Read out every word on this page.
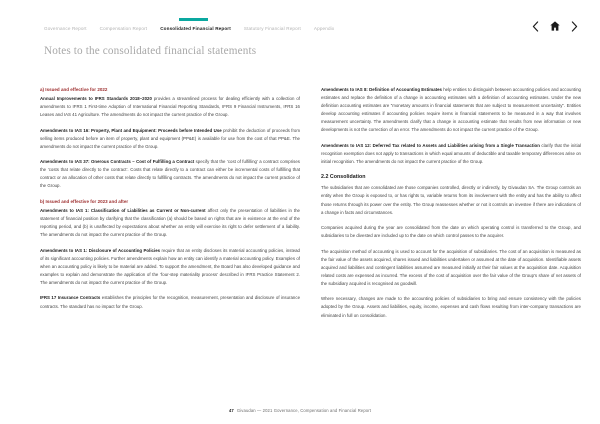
Governance Report	Compensation Report	Consolidated Financial Report	Statutory Financial Report	Appendix
Notes to the consolidated financial statements
a) Issued and effective for 2022

Annual Improvements to IFRS Standards 2018–2020 provides a streamlined process for dealing efficiently with a collection of amendments to IFRS 1 First-time Adoption of International Financial Reporting Standards, IFRS 9 Financial Instruments, IFRS 16 Leases and IAS 41 Agriculture. The amendments do not impact the current practice of the Group.

Amendments to IAS 16: Property, Plant and Equipment: Proceeds before Intended Use prohibit the deduction of proceeds from selling items produced before an item of property, plant and equipment (PP&E) is available for use from the cost of that PP&E. The amendments do not impact the current practice of the Group.

Amendments to IAS 37: Onerous Contracts – Cost of Fulfilling a Contract specify that the ‘cost of fulfilling’ a contract comprises the ‘costs that relate directly to the contract’. Costs that relate directly to a contract can either be incremental costs of fulfilling that contract or an allocation of other costs that relate directly to fulfilling contracts. The amendments do not impact the current practice of the Group.

b) Issued and effective for 2023 and after

Amendments to IAS 1: Classification of Liabilities as Current or Non-current affect only the presentation of liabilities in the statement of financial position by clarifying that the classification (a) should be based on rights that are in existence at the end of the reporting period, and (b) is unaffected by expectations about whether an entity will exercise its right to defer settlement of a liability. The amendments do not impact the current practice of the Group.

Amendments to IAS 1: Disclosure of Accounting Policies require that an entity discloses its material accounting policies, instead of its significant accounting policies. Further amendments explain how an entity can identify a material accounting policy. Examples of when an accounting policy is likely to be material are added. To support the amendment, the Board has also developed guidance and examples to explain and demonstrate the application of the ‘four-step materiality process’ described in IFRS Practice Statement 2. The amendments do not impact the current practice of the Group.

IFRS 17 Insurance Contracts establishes the principles for the recognition, measurement, presentation and disclosure of insurance contracts. The standard has no impact for the Group.

Amendments to IAS 8: Definition of Accounting Estimates help entities to distinguish between accounting policies and accounting estimates and replace the definition of a change in accounting estimates with a definition of accounting estimates. Under the new definition accounting estimates are “monetary amounts in financial statements that are subject to measurement uncertainty”. Entities develop accounting estimates if accounting policies require items in financial statements to be measured in a way that involves measurement uncertainty. The amendments clarify that a change in accounting estimate that results from new information or new developments is not the correction of an error. The amendments do not impact the current practice of the Group.

Amendments to IAS 12: Deferred Tax related to Assets and Liabilities arising from a Single Transaction clarify that the initial recognition exemption does not apply to transactions in which equal amounts of deductible and taxable temporary differences arise on initial recognition. The amendments do not impact the current practice of the Group.

2.2 Consolidation

The subsidiaries that are consolidated are those companies controlled, directly or indirectly, by Givaudan SA. The Group controls an entity when the Group is exposed to, or has rights to, variable returns from its involvement with the entity and has the ability to affect those returns through its power over the entity. The Group reassesses whether or not it controls an investee if there are indications of a change in facts and circumstances.

Companies acquired during the year are consolidated from the date on which operating control is transferred to the Group, and subsidiaries to be divested are included up to the date on which control passes to the acquirer.

The acquisition method of accounting is used to account for the acquisition of subsidiaries. The cost of an acquisition is measured as the fair value of the assets acquired, shares issued and liabilities undertaken or assumed at the date of acquisition. Identifiable assets acquired and liabilities and contingent liabilities assumed are measured initially at their fair values at the acquisition date. Acquisition related costs are expensed as incurred. The excess of the cost of acquisition over the fair value of the Group’s share of net assets of the subsidiary acquired is recognised as goodwill.

Where necessary, changes are made to the accounting policies of subsidiaries to bring and ensure consistency with the policies adopted by the Group. Assets and liabilities, equity, income, expenses and cash flows resulting from inter-company transactions are eliminated in full on consolidation.

47 Givaudan — 2021 Governance, Compensation and Financial Report
